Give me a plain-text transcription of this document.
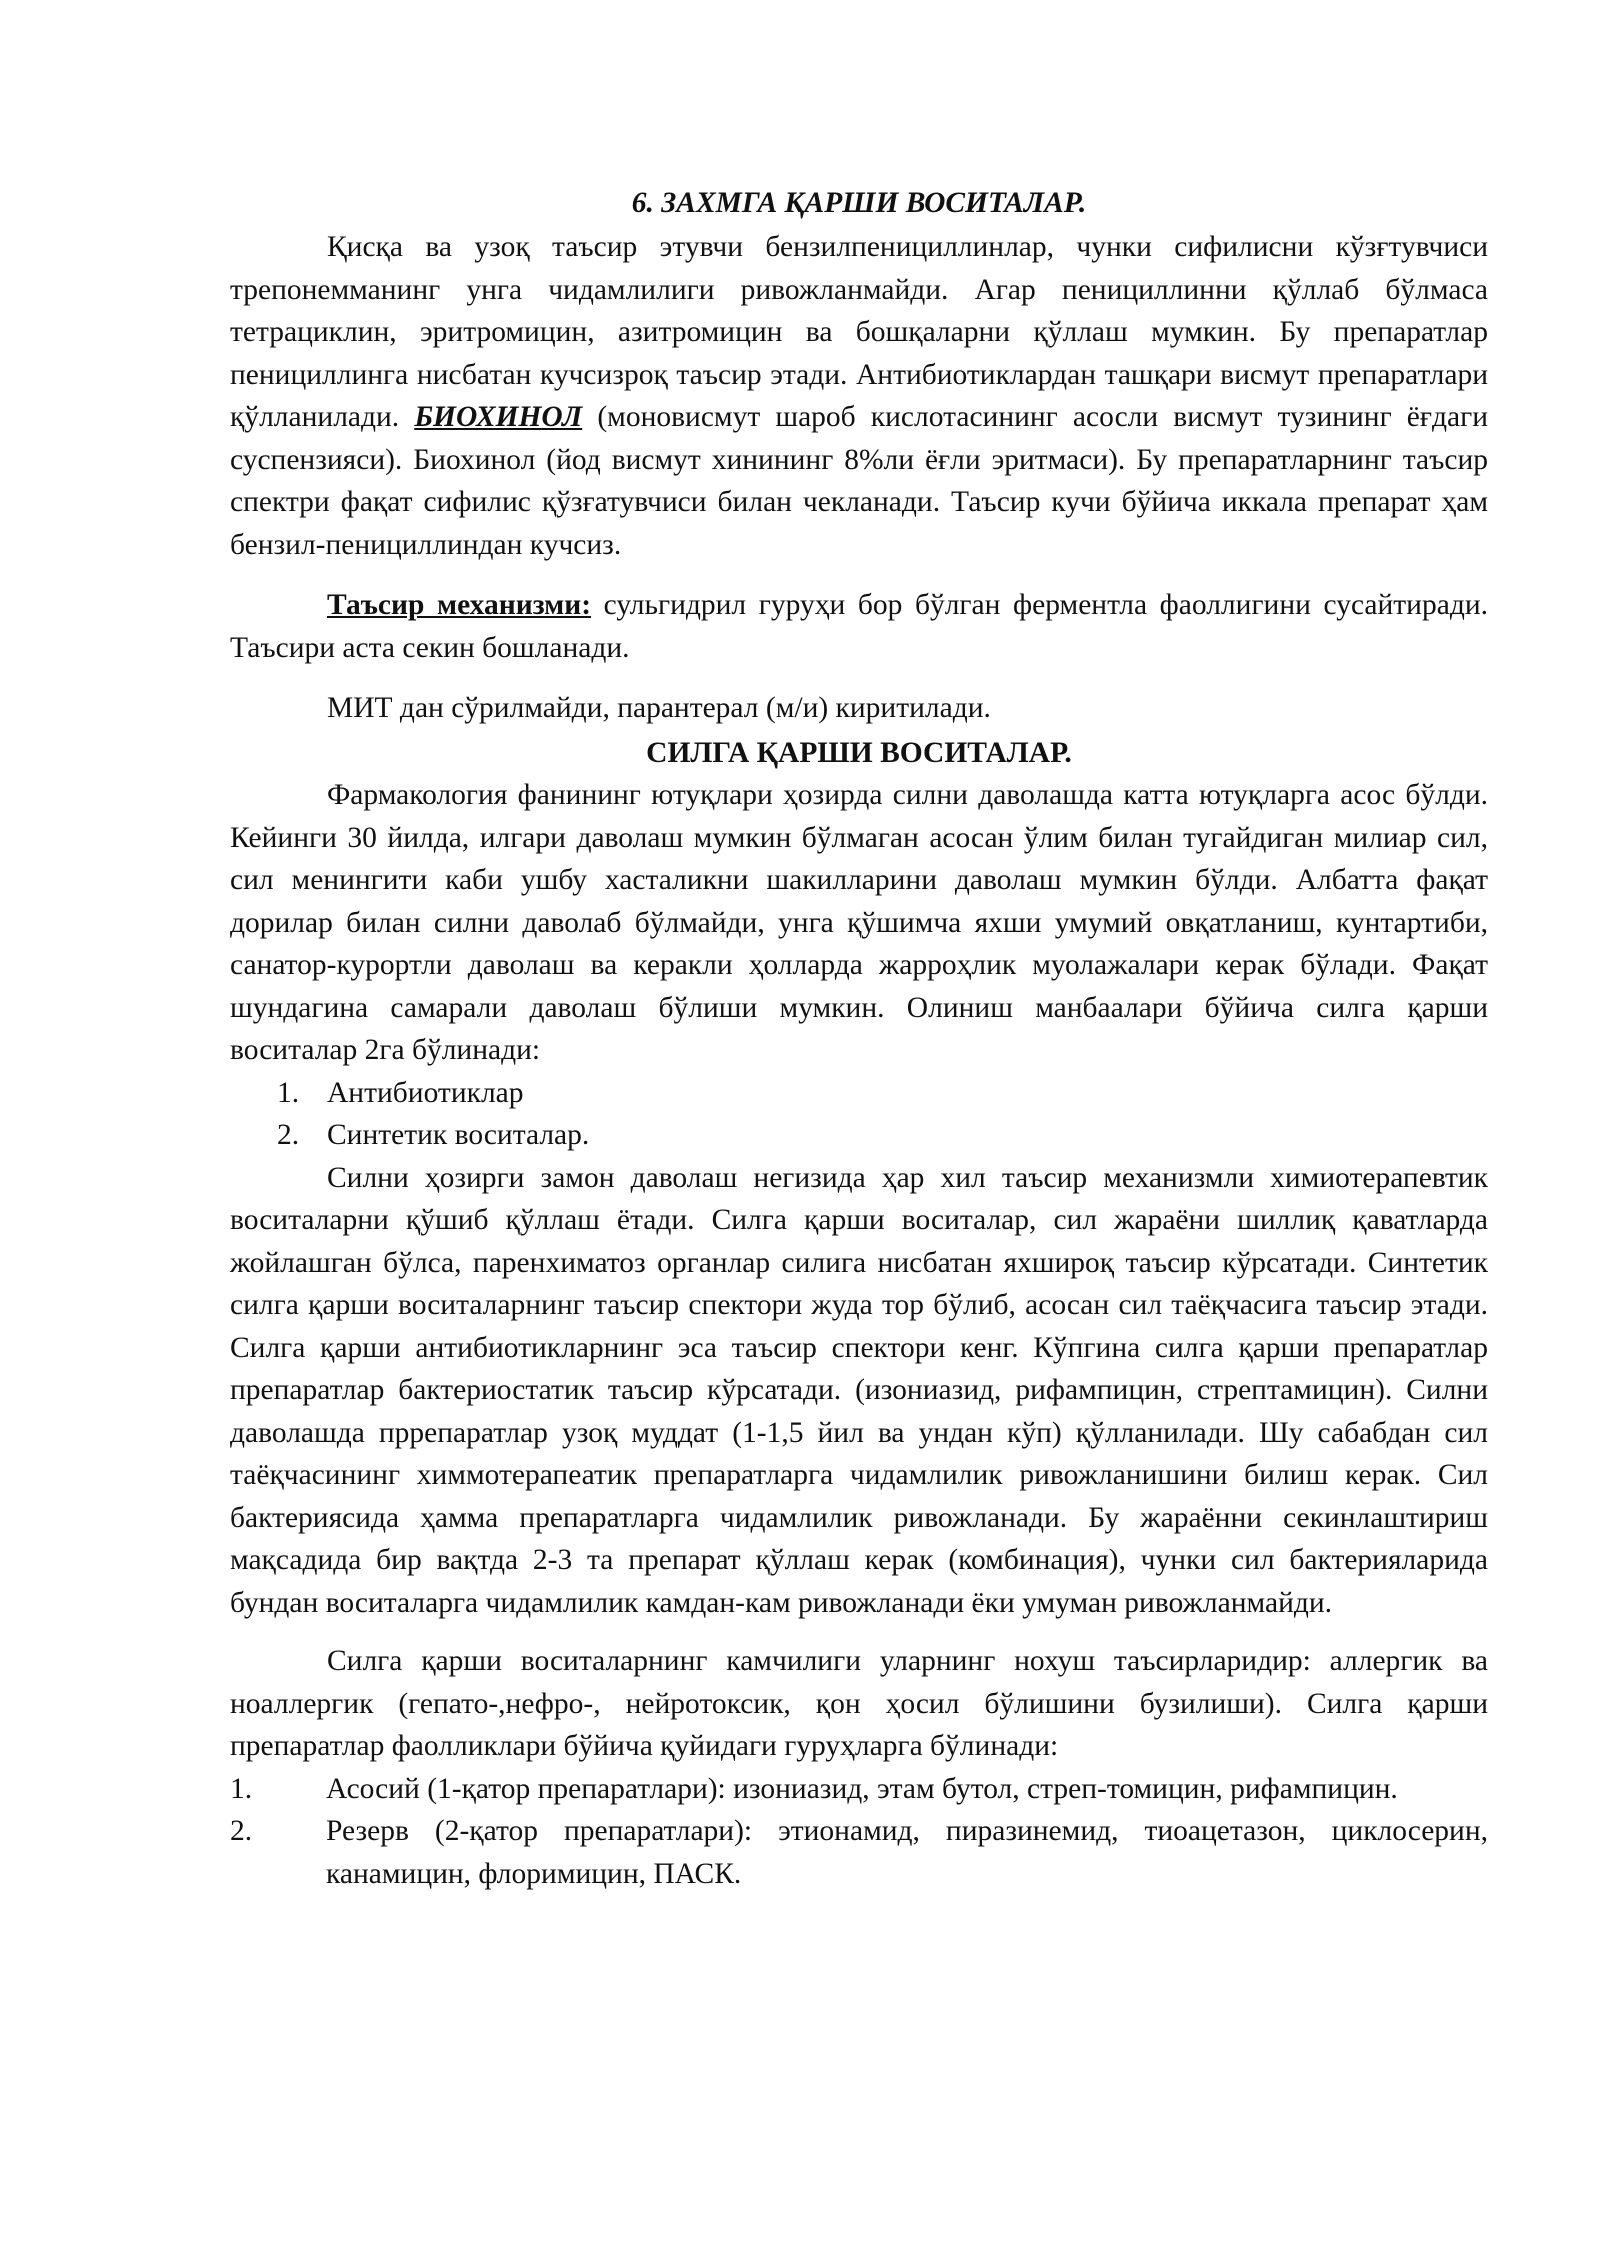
6. ЗАХМГА ҚАРШИ ВОСИТАЛАР.

Қисқа ва узоқ таъсир этувчи бензилпенициллинлар, чунки сифилисни кўзғтувчиси трепонемманинг унга чидамлилиги ривожланмайди. Агар пенициллинни қўллаб бўлмаса тетрациклин, эритромицин, азитромицин ва бошқаларни қўллаш мумкин. Бу препаратлар пенициллинга нисбатан кучсизроқ таъсир этади. Антибиотиклардан ташқари висмут препаратлари қўлланилади. БИОХИНОЛ (моновисмут шароб кислотасининг асосли висмут тузининг ёғдаги суспензияси). Биохинол (йод висмут хинининг 8%ли ёғли эритмаси). Бу препаратларнинг таъсир спектри фақат сифилис қўзғатувчиси билан чекланади. Таъсир кучи бўйича иккала препарат ҳам бензил-пенициллиндан кучсиз.

Таъсир механизми: сульгидрил гуруҳи бор бўлган ферментла фаоллигини сусайтиради. Таъсири аста секин бошланади.

МИТ дан сўрилмайди, парантерал (м/и) киритилади.

СИЛГА ҚАРШИ ВОСИТАЛАР.

Фармакология фанининг ютуқлари ҳозирда силни даволашда катта ютуқларга асос бўлди. Кейинги 30 йилда, илгари даволаш мумкин бўлмаган асосан ўлим билан тугайдиган милиар сил, сил менингити каби ушбу хасталикни шакилларини даволаш мумкин бўлди. Албатта фақат дорилар билан силни даволаб бўлмайди, унга қўшимча яхши умумий овқатланиш, кунтартиби, санатор-курортли даволаш ва керакли ҳолларда жарроҳлик муолажалари керак бўлади. Фақат шундагина самарали даволаш бўлиши мумкин. Олиниш манбаалари бўйича силга қарши воситалар 2га бўлинади:

1. Антибиотиклар
2. Синтетик воситалар.

Силни ҳозирги замон даволаш негизида ҳар хил таъсир механизмли химиотерапевтик воситаларни қўшиб қўллаш ётади. Силга қарши воситалар, сил жараёни шиллиқ қаватларда жойлашган бўлса, паренхиматоз органлар силига нисбатан яхшироқ таъсир кўрсатади. Синтетик силга қарши воситаларнинг таъсир спектори жуда тор бўлиб, асосан сил таёқчасига таъсир этади. Силга қарши антибиотикларнинг эса таъсир спектори кенг. Кўпгина силга қарши препаратлар препаратлар бактериостатик таъсир кўрсатади. (изониазид, рифампицин, стрептамицин). Силни даволашда пррепаратлар узоқ муддат (1-1,5 йил ва ундан кўп) қўлланилади. Шу сабабдан сил таёқчасининг химмотерапеатик препаратларга чидамлилик ривожланишини билиш керак. Сил бактериясида ҳамма препаратларга чидамлилик ривожланади. Бу жараённи секинлаштириш мақсадида бир вақтда 2-3 та препарат қўллаш керак (комбинация), чунки сил бактерияларида бундан воситаларга чидамлилик камдан-кам ривожланади ёки умуман ривожланмайди.

Силга қарши воситаларнинг камчилиги уларнинг нохуш таъсирларидир: аллергик ва ноаллергик (гепато-,нефро-, нейротоксик, қон ҳосил бўлишини бузилиши). Силга қарши препаратлар фаолликлари бўйича қуйидаги гуруҳларга бўлинади:

1.	Асосий (1-қатор препаратлари): изониазид, этам бутол, стреп-томицин, рифампицин.
2.	Резерв (2-қатор препаратлари): этионамид, пиразинемид, тиоацетазон, циклосерин, канамицин, флоримицин, ПАСК.
